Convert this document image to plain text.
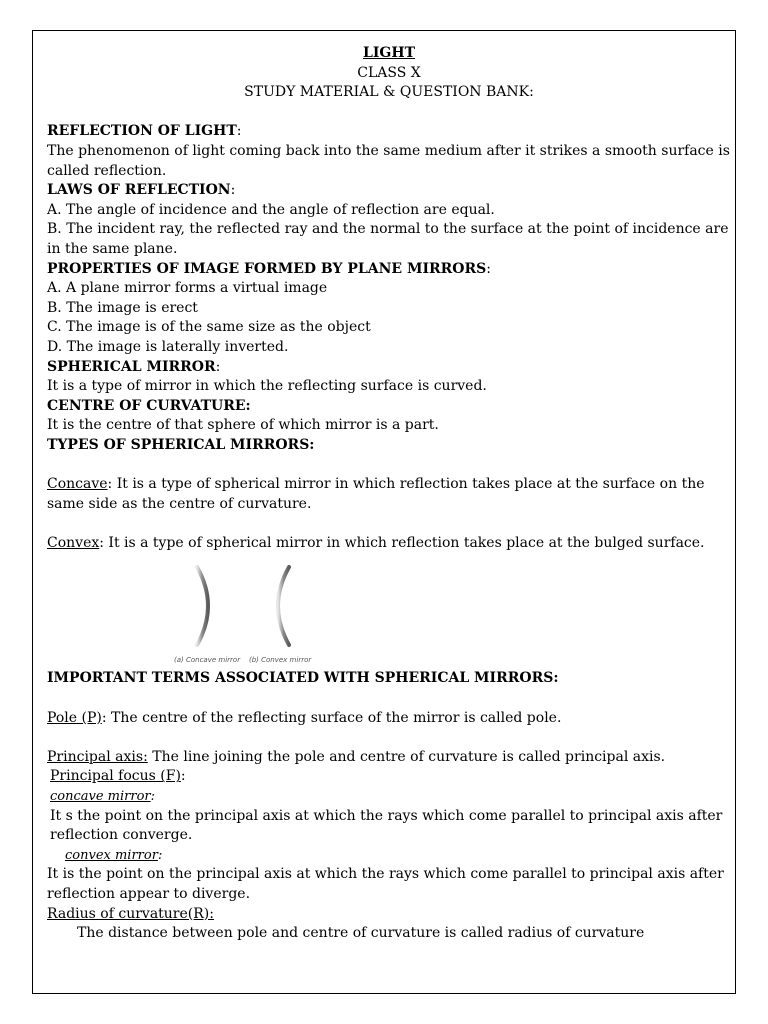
LIGHT
CLASS X
STUDY MATERIAL & QUESTION BANK:
REFLECTION OF LIGHT:
The phenomenon of light coming back into the same medium after it strikes a smooth surface is called reflection.
LAWS OF REFLECTION:
A. The angle of incidence and the angle of reflection are equal.
B. The incident ray, the reflected ray and the normal to the surface at the point of incidence are in the same plane.
PROPERTIES OF IMAGE FORMED BY PLANE MIRRORS:
A. A plane mirror forms a virtual image
B. The image is erect
C. The image is of the same size as the object
D. The image is laterally inverted.
SPHERICAL MIRROR:
It is a type of mirror in which the reflecting surface is curved.
CENTRE OF CURVATURE:
It is the centre of that sphere of which mirror is a part.
TYPES OF SPHERICAL MIRRORS:
Concave: It is a type of spherical mirror in which reflection takes place at the surface on the same side as the centre of curvature.
Convex: It is a type of spherical mirror in which reflection takes place at the bulged surface.
(a) Concave mirror (b) Convex mirror
IMPORTANT TERMS ASSOCIATED WITH SPHERICAL MIRRORS:
Pole (P): The centre of the reflecting surface of the mirror is called pole.
Principal axis: The line joining the pole and centre of curvature is called principal axis.
Principal focus (F):
concave mirror:
It s the point on the principal axis at which the rays which come parallel to principal axis after reflection converge.
convex mirror:
It is the point on the principal axis at which the rays which come parallel to principal axis after reflection appear to diverge.
Radius of curvature(R):
The distance between pole and centre of curvature is called radius of curvature
